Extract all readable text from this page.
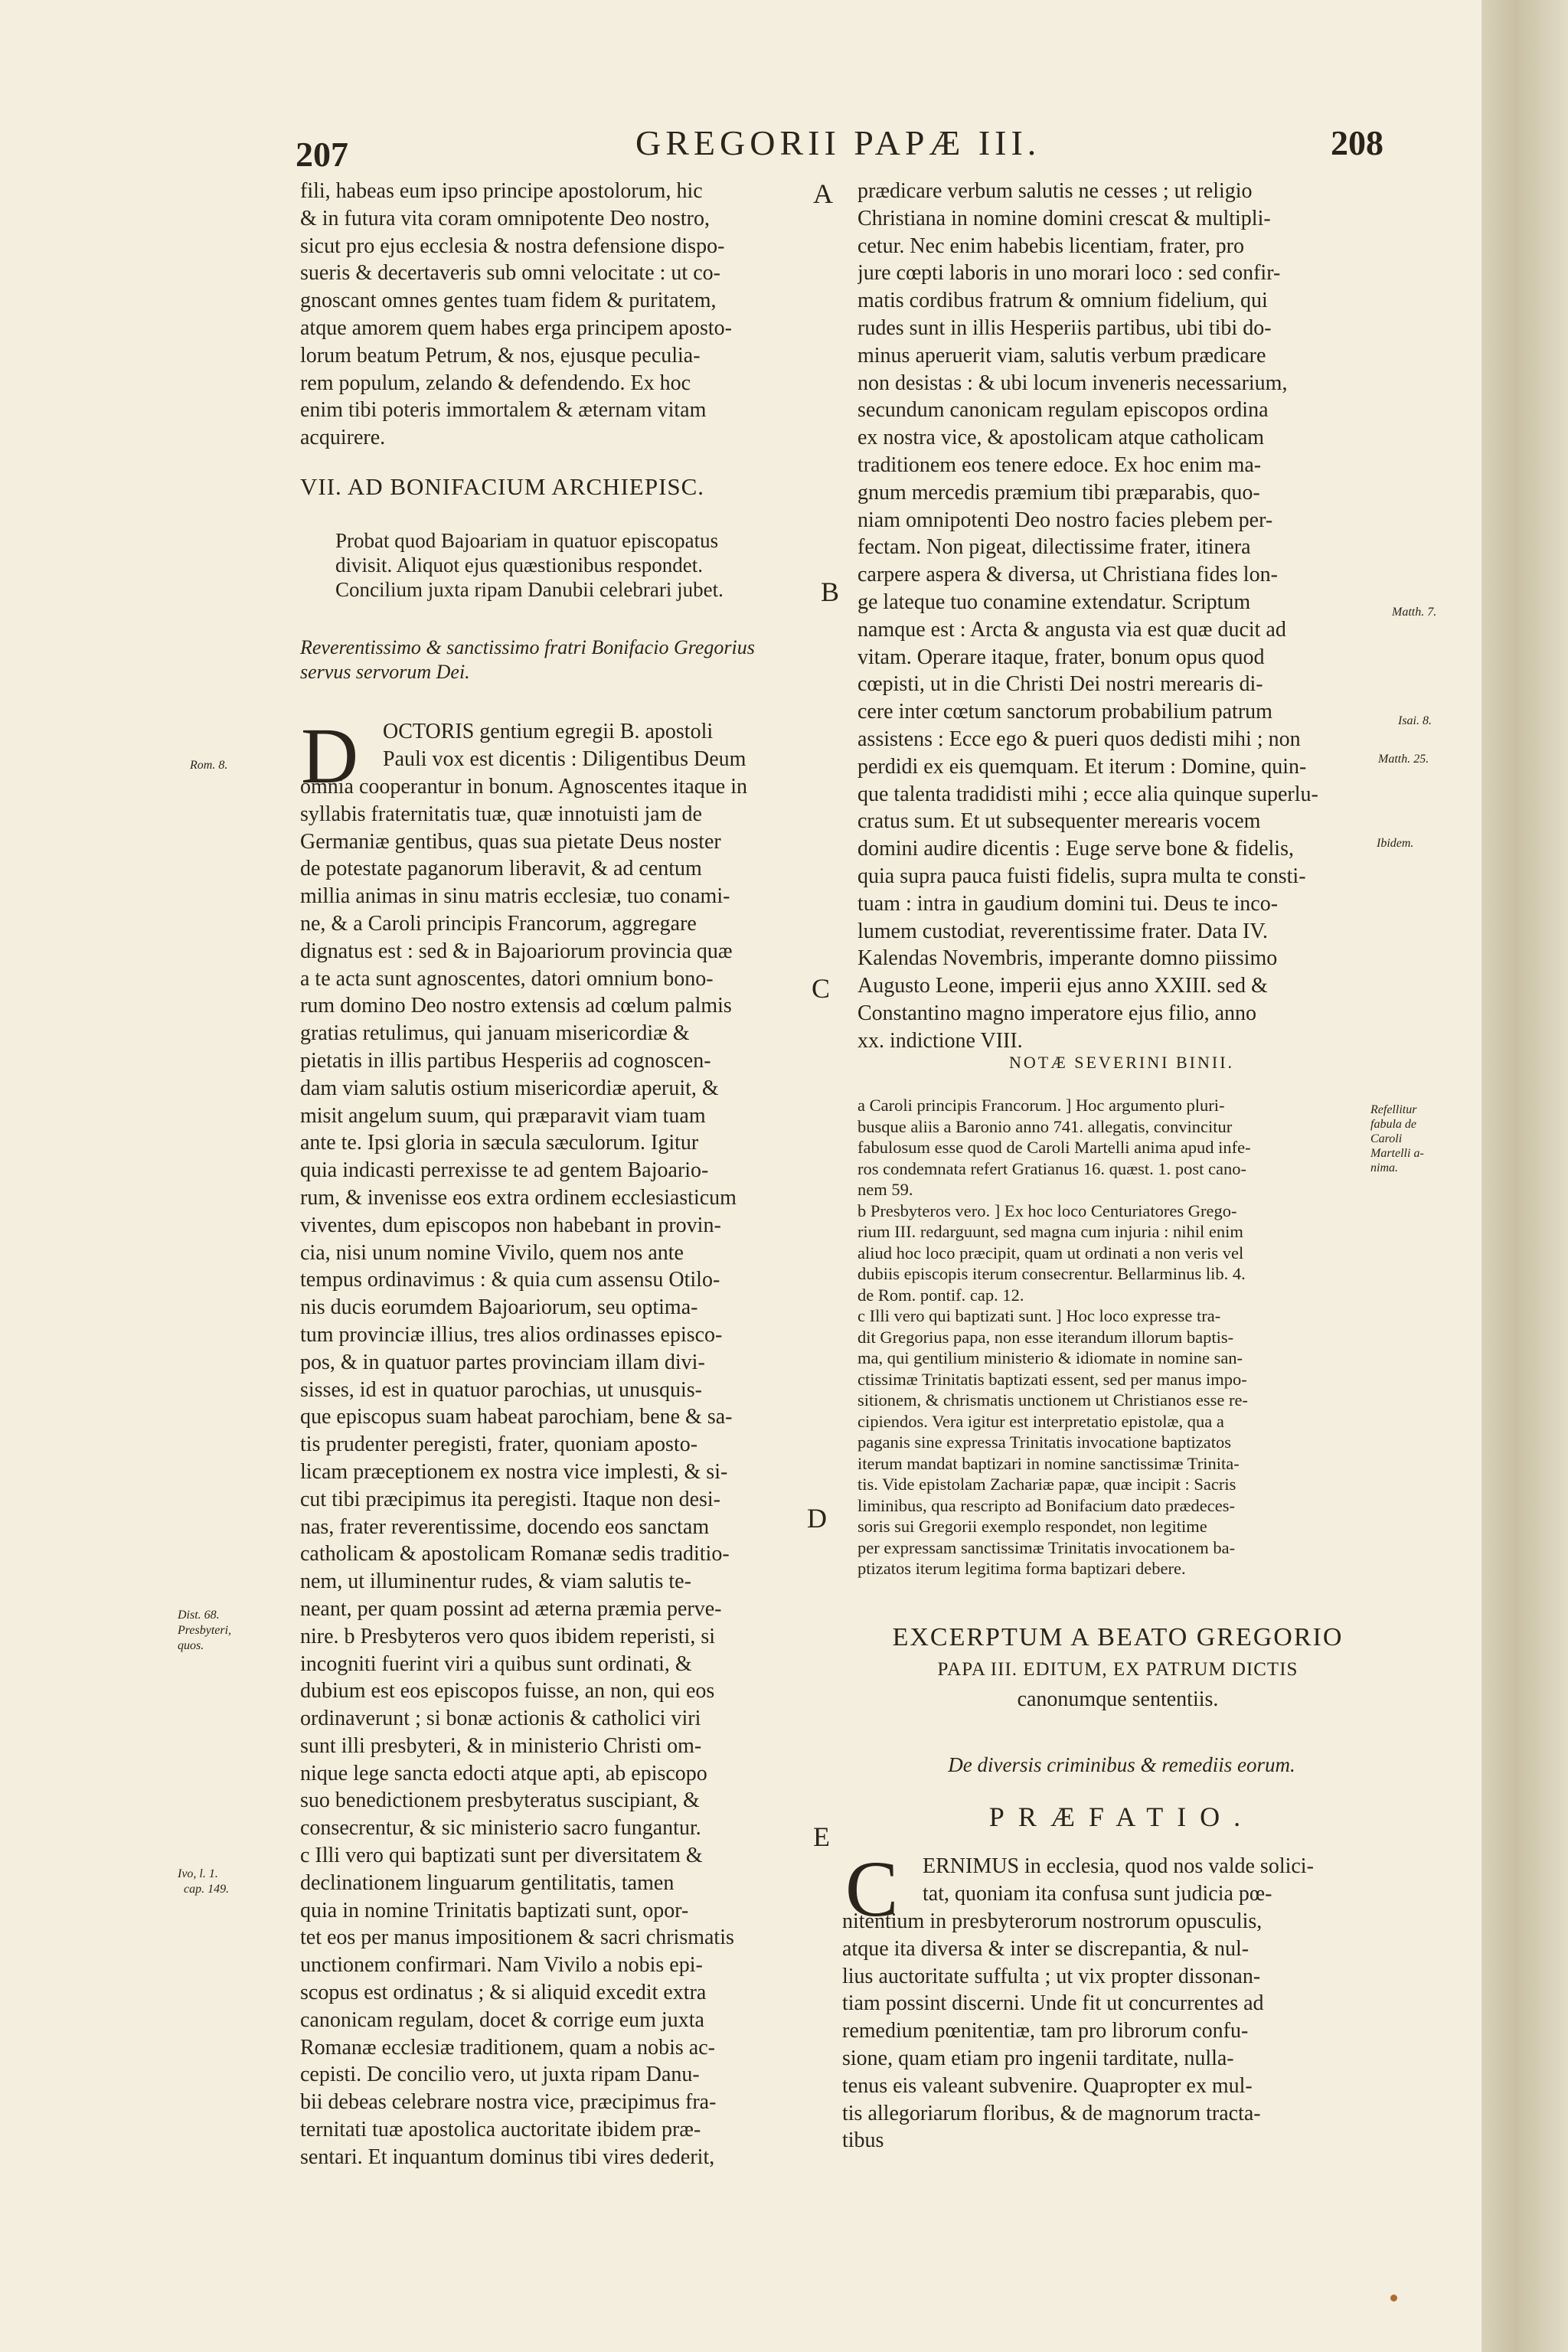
207	208
GREGORII PAPÆ III.
A
B
C
D
E
fili, habeas eum ipso principe apostolorum, hic
& in futura vita coram omnipotente Deo nostro,
sicut pro ejus ecclesia & nostra defensione dispo-
sueris & decertaveris sub omni velocitate : ut co-
gnoscant omnes gentes tuam fidem & puritatem,
atque amorem quem habes erga principem aposto-
lorum beatum Petrum, & nos, ejusque peculia-
rem populum, zelando & defendendo. Ex hoc
enim tibi poteris immortalem & æternam vitam
acquirere.
VII. AD BONIFACIUM ARCHIEPISC.
Probat quod Bajoariam in quatuor episcopatus
divisit. Aliquot ejus quæstionibus respondet.
Concilium juxta ripam Danubii celebrari jubet.
Reverentissimo & sanctissimo fratri Bonifacio Gregorius
servus servorum Dei.
D OCTORIS gentium egregii B. apostoli
Pauli vox est dicentis : Diligentibus Deum
omnia cooperantur in bonum. Agnoscentes itaque in
syllabis fraternitatis tuæ, quæ innotuisti jam de
Germaniæ gentibus, quas sua pietate Deus noster
de potestate paganorum liberavit, & ad centum
millia animas in sinu matris ecclesiæ, tuo conami-
ne, & a Caroli principis Francorum, aggregare
dignatus est : sed & in Bajoariorum provincia quæ
a te acta sunt agnoscentes, datori omnium bono-
rum domino Deo nostro extensis ad cœlum palmis
gratias retulimus, qui januam misericordiæ &
pietatis in illis partibus Hesperiis ad cognoscen-
dam viam salutis ostium misericordiæ aperuit, &
misit angelum suum, qui præparavit viam tuam
ante te. Ipsi gloria in sæcula sæculorum. Igitur
quia indicasti perrexisse te ad gentem Bajoario-
rum, & invenisse eos extra ordinem ecclesiasticum
viventes, dum episcopos non habebant in provin-
cia, nisi unum nomine Vivilo, quem nos ante
tempus ordinavimus : & quia cum assensu Otilo-
nis ducis eorumdem Bajoariorum, seu optima-
tum provinciæ illius, tres alios ordinasses episco-
pos, & in quatuor partes provinciam illam divi-
sisses, id est in quatuor parochias, ut unusquis-
que episcopus suam habeat parochiam, bene & sa-
tis prudenter peregisti, frater, quoniam aposto-
licam præceptionem ex nostra vice implesti, & si-
cut tibi præcipimus ita peregisti. Itaque non desi-
nas, frater reverentissime, docendo eos sanctam
catholicam & apostolicam Romanæ sedis traditio-
nem, ut illuminentur rudes, & viam salutis te-
neant, per quam possint ad æterna præmia perve-
nire. b Presbyteros vero quos ibidem reperisti, si
incogniti fuerint viri a quibus sunt ordinati, &
dubium est eos episcopos fuisse, an non, qui eos
ordinaverunt ; si bonæ actionis & catholici viri
sunt illi presbyteri, & in ministerio Christi om-
nique lege sancta edocti atque apti, ab episcopo
suo benedictionem presbyteratus suscipiant, &
consecrentur, & sic ministerio sacro fungantur.
c Illi vero qui baptizati sunt per diversitatem &
declinationem linguarum gentilitatis, tamen
quia in nomine Trinitatis baptizati sunt, opor-
tet eos per manus impositionem & sacri chrismatis
unctionem confirmari. Nam Vivilo a nobis epi-
scopus est ordinatus ; & si aliquid excedit extra
canonicam regulam, docet & corrige eum juxta
Romanæ ecclesiæ traditionem, quam a nobis ac-
cepisti. De concilio vero, ut juxta ripam Danu-
bii debeas celebrare nostra vice, præcipimus fra-
ternitati tuæ apostolica auctoritate ibidem præ-
sentari. Et inquantum dominus tibi vires dederit,
Rom. 8.
Dist. 68.
Presbyteri,
quos.
Ivo, l. 1.
cap. 149.
prædicare verbum salutis ne cesses ; ut religio
Christiana in nomine domini crescat & multipli-
cetur. Nec enim habebis licentiam, frater, pro
jure cœpti laboris in uno morari loco : sed confir-
matis cordibus fratrum & omnium fidelium, qui
rudes sunt in illis Hesperiis partibus, ubi tibi do-
minus aperuerit viam, salutis verbum prædicare
non desistas : & ubi locum inveneris necessarium,
secundum canonicam regulam episcopos ordina
ex nostra vice, & apostolicam atque catholicam
traditionem eos tenere edoce. Ex hoc enim ma-
gnum mercedis præmium tibi præparabis, quo-
niam omnipotenti Deo nostro facies plebem per-
fectam. Non pigeat, dilectissime frater, itinera
carpere aspera & diversa, ut Christiana fides lon-
ge lateque tuo conamine extendatur. Scriptum
namque est : Arcta & angusta via est quæ ducit ad
vitam. Operare itaque, frater, bonum opus quod
cœpisti, ut in die Christi Dei nostri merearis di-
cere inter cœtum sanctorum probabilium patrum
assistens : Ecce ego & pueri quos dedisti mihi ; non
perdidi ex eis quemquam. Et iterum : Domine, quin-
que talenta tradidisti mihi ; ecce alia quinque superlu-
cratus sum. Et ut subsequenter merearis vocem
domini audire dicentis : Euge serve bone & fidelis,
quia supra pauca fuisti fidelis, supra multa te consti-
tuam : intra in gaudium domini tui. Deus te inco-
lumem custodiat, reverentissime frater. Data IV.
Kalendas Novembris, imperante domno piissimo
Augusto Leone, imperii ejus anno XXIII. sed &
Constantino magno imperatore ejus filio, anno
xx. indictione VIII.
NOTÆ SEVERINI BINII.
a Caroli principis Francorum. ] Hoc argumento pluri-
busque aliis a Baronio anno 741. allegatis, convincitur
fabulosum esse quod de Caroli Martelli anima apud infe-
ros condemnata refert Gratianus 16. quæst. 1. post cano-
nem 59.
b Presbyteros vero. ] Ex hoc loco Centuriatores Grego-
rium III. redarguunt, sed magna cum injuria : nihil enim
aliud hoc loco præcipit, quam ut ordinati a non veris vel
dubiis episcopis iterum consecrentur. Bellarminus lib. 4.
de Rom. pontif. cap. 12.
c Illi vero qui baptizati sunt. ] Hoc loco expresse tra-
dit Gregorius papa, non esse iterandum illorum baptis-
ma, qui gentilium ministerio & idiomate in nomine san-
ctissimæ Trinitatis baptizati essent, sed per manus impo-
sitionem, & chrismatis unctionem ut Christianos esse re-
cipiendos. Vera igitur est interpretatio epistolæ, qua a
paganis sine expressa Trinitatis invocatione baptizatos
iterum mandat baptizari in nomine sanctissimæ Trinita-
tis. Vide epistolam Zachariæ papæ, quæ incipit : Sacris
liminibus, qua rescripto ad Bonifacium dato prædeces-
soris sui Gregorii exemplo respondet, non legitime
per expressam sanctissimæ Trinitatis invocationem ba-
ptizatos iterum legitima forma baptizari debere.
EXCERPTUM A BEATO GREGORIO
PAPA III. EDITUM, EX PATRUM DICTIS
canonumque sententiis.
De diversis criminibus & remediis eorum.
PRÆFATIO.
C ERNIMUS in ecclesia, quod nos valde solici-
tat, quoniam ita confusa sunt judicia pœ-
nitentium in presbyterorum nostrorum opusculis,
atque ita diversa & inter se discrepantia, & nul-
lius auctoritate suffulta ; ut vix propter dissonan-
tiam possint discerni. Unde fit ut concurrentes ad
remedium pœnitentiæ, tam pro librorum confu-
sione, quam etiam pro ingenii tarditate, nulla-
tenus eis valeant subvenire. Quapropter ex mul-
tis allegoriarum floribus, & de magnorum tracta-
tibus
Matth. 7.
Isai. 8.
Matth. 25.
Ibidem.
Refellitur
fabula de
Caroli
Martelli a-
nima.
